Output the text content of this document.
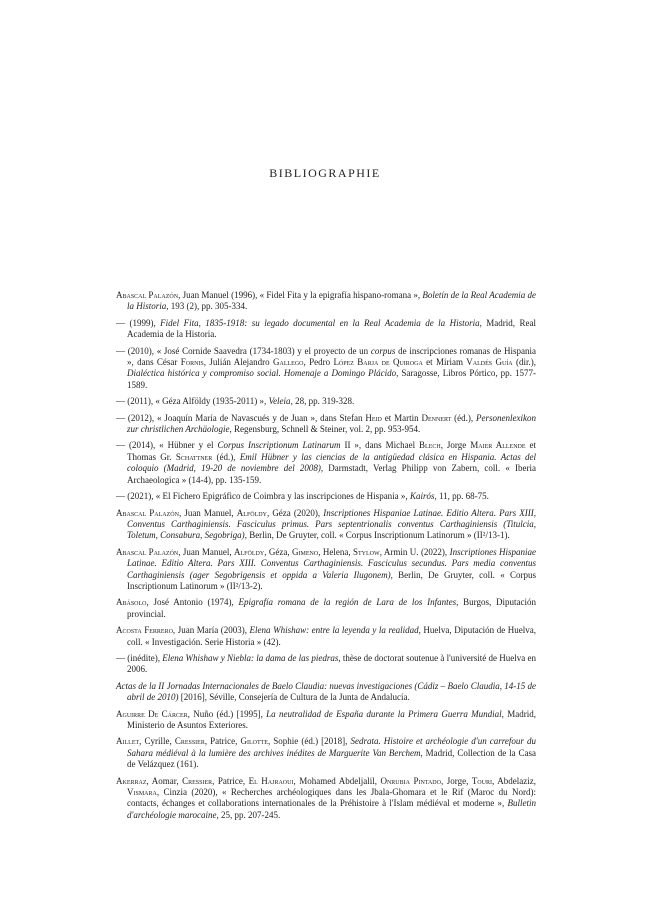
BIBLIOGRAPHIE

Abascal Palazón, Juan Manuel (1996), « Fidel Fita y la epigrafía hispano-romana », Boletín de la Real Academia de la Historia, 193 (2), pp. 305-334.

— (1999), Fidel Fita, 1835-1918: su legado documental en la Real Academia de la Historia, Madrid, Real Academia de la Historia.

— (2010), « José Cornide Saavedra (1734-1803) y el proyecto de un corpus de inscripciones romanas de Hispania », dans César Fornis, Julián Alejandro Gallego, Pedro López Barja de Quiroga et Miriam Valdés Guía (dir.), Dialéctica histórica y compromiso social. Homenaje a Domingo Plácido, Saragosse, Libros Pórtico, pp. 1577-1589.

— (2011), « Géza Alföldy (1935-2011) », Veleia, 28, pp. 319-328.

— (2012), « Joaquín María de Navascués y de Juan », dans Stefan Heid et Martin Dennert (éd.), Personenlexikon zur christlichen Archäologie, Regensburg, Schnell & Steiner, vol. 2, pp. 953-954.

— (2014), « Hübner y el Corpus Inscriptionum Latinarum II », dans Michael Blech, Jorge Maier Allende et Thomas Gr. Schattner (éd.), Emil Hübner y las ciencias de la antigüedad clásica en Hispania. Actas del coloquio (Madrid, 19-20 de noviembre del 2008), Darmstadt, Verlag Philipp von Zabern, coll. « Iberia Archaeologica » (14-4), pp. 135-159.

— (2021), « El Fichero Epigráfico de Coimbra y las inscripciones de Hispania », Kairós, 11, pp. 68-75.

Abascal Palazón, Juan Manuel, Alföldy, Géza (2020), Inscriptiones Hispaniae Latinae. Editio Altera. Pars XIII, Conventus Carthaginiensis. Fasciculus primus. Pars septentrionalis conventus Carthaginiensis (Titulcia, Toletum, Consabura, Segobriga), Berlin, De Gruyter, coll. « Corpus Inscriptionum Latinorum » (II²/13-1).

Abascal Palazón, Juan Manuel, Alföldy, Géza, Gimeno, Helena, Stylow, Armin U. (2022), Inscriptiones Hispaniae Latinae. Editio Altera. Pars XIII. Conventus Carthaginiensis. Fasciculus secundus. Pars media conventus Carthaginiensis (ager Segobrigensis et oppida a Valeria Ilugonem), Berlin, De Gruyter, coll. « Corpus Inscriptionum Latinorum » (II²/13-2).

Abásolo, José Antonio (1974), Epigrafía romana de la región de Lara de los Infantes, Burgos, Diputación provincial.

Acosta Ferrero, Juan María (2003), Elena Whishaw: entre la leyenda y la realidad, Huelva, Diputación de Huelva, coll. « Investigación. Serie Historia » (42).

— (inédite), Elena Whishaw y Niebla: la dama de las piedras, thèse de doctorat soutenue à l'université de Huelva en 2006.

Actas de la II Jornadas Internacionales de Baelo Claudia: nuevas investigaciones (Cádiz – Baelo Claudia, 14-15 de abril de 2010) [2016], Séville, Consejería de Cultura de la Junta de Andalucía.

Aguirre De Cárcer, Nuño (éd.) [1995], La neutralidad de España durante la Primera Guerra Mundial, Madrid, Ministerio de Asuntos Exteriores.

Aillet, Cyrille, Cressier, Patrice, Gilotte, Sophie (éd.) [2018], Sedrata. Histoire et archéologie d'un carrefour du Sahara médiéval à la lumière des archives inédites de Marguerite Van Berchem, Madrid, Collection de la Casa de Velázquez (161).

Akerraz, Aomar, Cressier, Patrice, El Hajraoui, Mohamed Abdeljalil, Onrubia Pintado, Jorge, Touri, Abdelaziz, Vismara, Cinzia (2020), « Recherches archéologiques dans les Jbala-Ghomara et le Rif (Maroc du Nord): contacts, échanges et collaborations internationales de la Préhistoire à l'Islam médiéval et moderne », Bulletin d'archéologie marocaine, 25, pp. 207-245.
